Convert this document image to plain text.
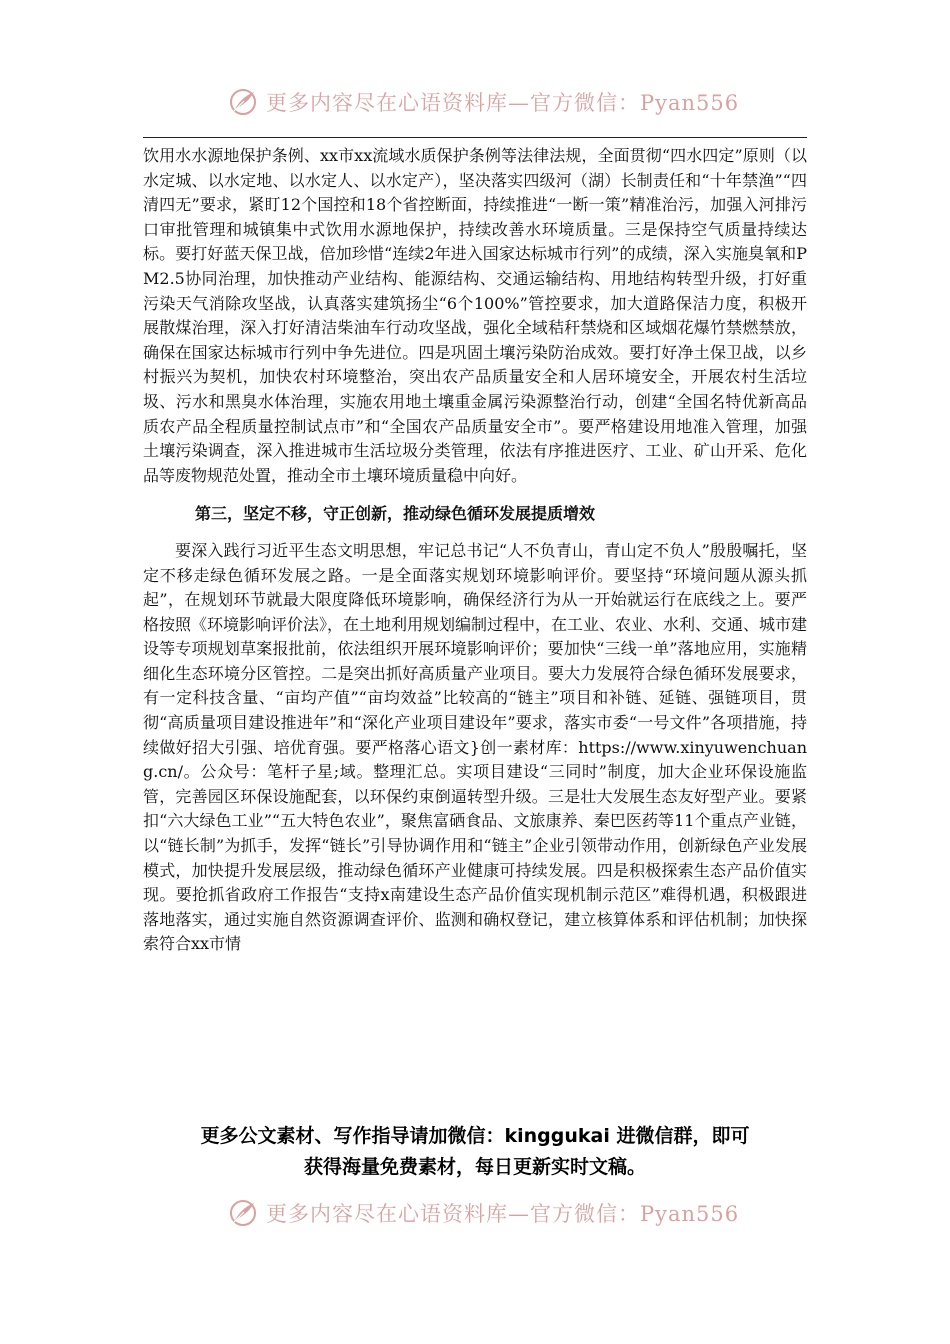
更多内容尽在心语资料库—官方微信：Pyan556

饮用水水源地保护条例、xx市xx流域水质保护条例等法律法规，全面贯彻“四水四定”原则（以水定城、以水定地、以水定人、以水定产），坚决落实四级河（湖）长制责任和“十年禁渔”“四清四无”要求，紧盯12个国控和18个省控断面，持续推进“一断一策”精准治污，加强入河排污口审批管理和城镇集中式饮用水源地保护，持续改善水环境质量。三是保持空气质量持续达标。要打好蓝天保卫战，倍加珍惜“连续2年进入国家达标城市行列”的成绩，深入实施臭氧和PM2.5协同治理，加快推动产业结构、能源结构、交通运输结构、用地结构转型升级，打好重污染天气消除攻坚战，认真落实建筑扬尘“6个100%”管控要求，加大道路保洁力度，积极开展散煤治理，深入打好清洁柴油车行动攻坚战，强化全域秸秆禁烧和区域烟花爆竹禁燃禁放，确保在国家达标城市行列中争先进位。四是巩固土壤污染防治成效。要打好净土保卫战，以乡村振兴为契机，加快农村环境整治，突出农产品质量安全和人居环境安全，开展农村生活垃圾、污水和黑臭水体治理，实施农用地土壤重金属污染源整治行动，创建“全国名特优新高品质农产品全程质量控制试点市”和“全国农产品质量安全市”。要严格建设用地准入管理，加强土壤污染调查，深入推进城市生活垃圾分类管理，依法有序推进医疗、工业、矿山开采、危化品等废物规范处置，推动全市土壤环境质量稳中向好。

第三，坚定不移，守正创新，推动绿色循环发展提质增效

要深入践行习近平生态文明思想，牢记总书记“人不负青山，青山定不负人”殷殷嘱托，坚定不移走绿色循环发展之路。一是全面落实规划环境影响评价。要坚持“环境问题从源头抓起”，在规划环节就最大限度降低环境影响，确保经济行为从一开始就运行在底线之上。要严格按照《环境影响评价法》，在土地利用规划编制过程中，在工业、农业、水利、交通、城市建设等专项规划草案报批前，依法组织开展环境影响评价；要加快“三线一单”落地应用，实施精细化生态环境分区管控。二是突出抓好高质量产业项目。要大力发展符合绿色循环发展要求，有一定科技含量、“亩均产值”“亩均效益”比较高的“链主”项目和补链、延链、强链项目，贯彻“高质量项目建设推进年”和“深化产业项目建设年”要求，落实市委“一号文件”各项措施，持续做好招大引强、培优育强。要严格落心语文}创一素材库：https://www.xinyuwenchuang.cn/。公众号：笔杆子星;域。整理汇总。实项目建设“三同时”制度，加大企业环保设施监管，完善园区环保设施配套，以环保约束倒逼转型升级。三是壮大发展生态友好型产业。要紧扣“六大绿色工业”“五大特色农业”，聚焦富硒食品、文旅康养、秦巴医药等11个重点产业链，以“链长制”为抓手，发挥“链长”引导协调作用和“链主”企业引领带动作用，创新绿色产业发展模式，加快提升发展层级，推动绿色循环产业健康可持续发展。四是积极探索生态产品价值实现。要抢抓省政府工作报告“支持x南建设生态产品价值实现机制示范区”难得机遇，积极跟进落地落实，通过实施自然资源调查评价、监测和确权登记，建立核算体系和评估机制；加快探索符合xx市情

更多公文素材、写作指导请加微信：kinggukai 进微信群，即可
获得海量免费素材，每日更新实时文稿。
更多内容尽在心语资料库—官方微信：Pyan556
